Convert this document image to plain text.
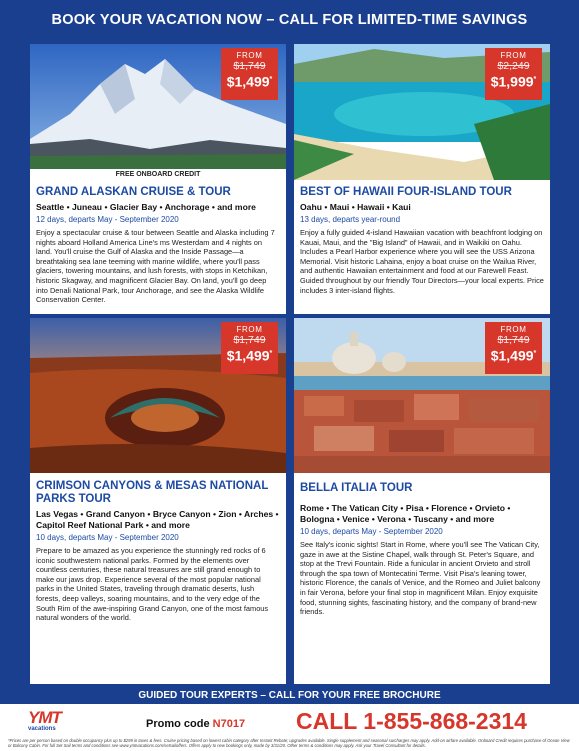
BOOK YOUR VACATION NOW – CALL FOR LIMITED-TIME SAVINGS
FROM
$1,749
$1,499*
FREE ONBOARD CREDIT
GRAND ALASKAN CRUISE & TOUR
Seattle • Juneau • Glacier Bay • Anchorage • and more
12 days, departs May - September 2020
Enjoy a spectacular cruise & tour between Seattle and Alaska including 7 nights aboard Holland America Line's ms Westerdam and 4 nights on land. You'll cruise the Gulf of Alaska and the Inside Passage—a breathtaking sea lane teeming with marine wildlife, where you'll pass glaciers, towering mountains, and lush forests, with stops in Ketchikan, historic Skagway, and magnificent Glacier Bay. On land, you'll go deep into Denali National Park, tour Anchorage, and see the Alaska Wildlife Conservation Center.
FROM
$2,249
$1,999*
BEST OF HAWAII FOUR-ISLAND TOUR
Oahu • Maui • Hawaii • Kaui
13 days, departs year-round
Enjoy a fully guided 4-island Hawaiian vacation with beachfront lodging on Kauai, Maui, and the "Big Island" of Hawaii, and in Waikiki on Oahu. Includes a Pearl Harbor experience where you will see the USS Arizona Memorial. Visit historic Lahaina, enjoy a boat cruise on the Wailua River, and authentic Hawaiian entertainment and food at our Farewell Feast. Guided throughout by our friendly Tour Directors—your local experts. Price includes 3 inter-island flights.
FROM
$1,749
$1,499*
CRIMSON CANYONS & MESAS NATIONAL PARKS TOUR
Las Vegas • Grand Canyon • Bryce Canyon • Zion • Arches • Capitol Reef National Park • and more
10 days, departs May - September 2020
Prepare to be amazed as you experience the stunningly red rocks of 6 iconic southwestern national parks. Formed by the elements over countless centuries, these natural treasures are still grand enough to make our jaws drop. Experience several of the most popular national parks in the United States, traveling through dramatic deserts, lush forests, deep valleys, soaring mountains, and to the very edge of the South Rim of the awe-inspiring Grand Canyon, one of the most famous natural wonders of the world.
FROM
$1,749
$1,499*
BELLA ITALIA TOUR
Rome • The Vatican City • Pisa • Florence • Orvieto • Bologna • Venice • Verona • Tuscany • and more
10 days, departs May - September 2020
See Italy's iconic sights! Start in Rome, where you'll see The Vatican City, gaze in awe at the Sistine Chapel, walk through St. Peter's Square, and stop at the Trevi Fountain. Ride a funicular in ancient Orvieto and stroll through the spa town of Montecatini Terme. Visit Pisa's leaning tower, historic Florence, the canals of Venice, and the Romeo and Juliet balcony in fair Verona, before your final stop in magnificent Milan. Enjoy exquisite food, stunning sights, fascinating history, and the company of brand-new friends.
GUIDED TOUR EXPERTS – CALL FOR YOUR FREE BROCHURE
YMT
vacations	Promo code N7017 CALL 1-855-868-2314
*Prices are per person based on double occupancy plus up to $299 in taxes & fees. Cruise pricing based on lowest cabin category after Instant Rebate; upgrades available. Single supplement and seasonal surcharges may apply. Add-on airfare available. Onboard Credit requires purchase of Ocean View or Balcony Cabin. For full Set Sail terms and conditions see www.ymtvacations.com/setsailoffers. Offers apply to new bookings only, made by 3/31/20. Other terms & conditions may apply. Ask your Travel Consultant for details.
